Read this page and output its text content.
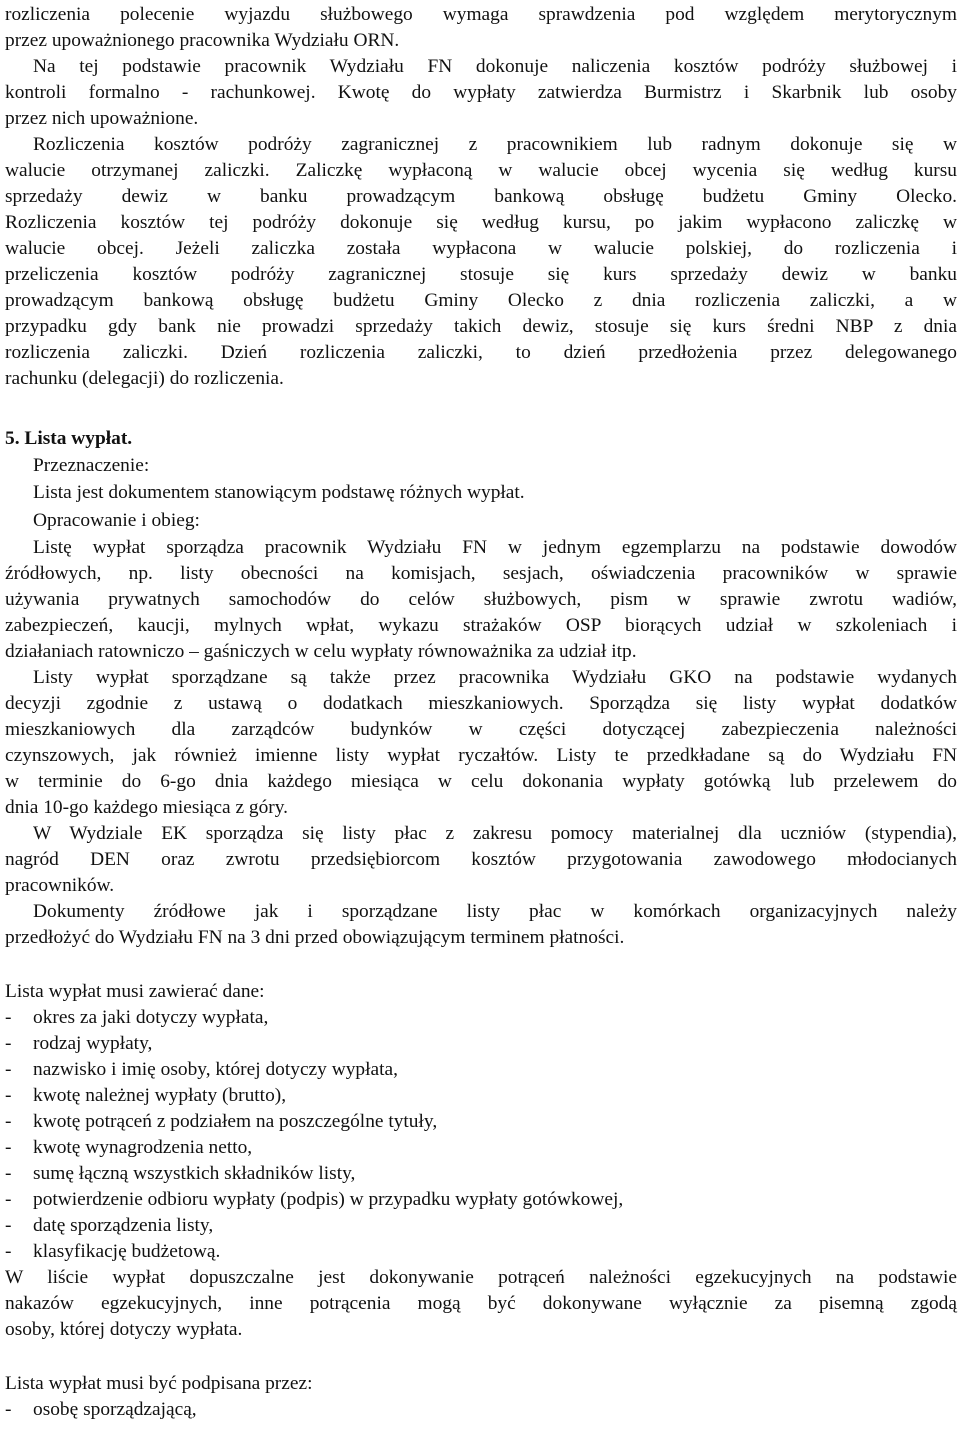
rozliczenia polecenie wyjazdu służbowego wymaga sprawdzenia pod względem merytorycznym
przez upoważnionego pracownika Wydziału ORN.
Na tej podstawie pracownik Wydziału FN dokonuje naliczenia kosztów podróży służbowej i
kontroli formalno - rachunkowej. Kwotę do wypłaty zatwierdza Burmistrz i Skarbnik lub osoby
przez nich upoważnione.
Rozliczenia kosztów podróży zagranicznej z pracownikiem lub radnym dokonuje się w
walucie otrzymanej zaliczki. Zaliczkę wypłaconą w walucie obcej wycenia się według kursu
sprzedaży dewiz w banku prowadzącym bankową obsługę budżetu Gminy Olecko.
Rozliczenia kosztów tej podróży dokonuje się według kursu, po jakim wypłacono zaliczkę w
walucie obcej. Jeżeli zaliczka została wypłacona w walucie polskiej, do rozliczenia i
przeliczenia kosztów podróży zagranicznej stosuje się kurs sprzedaży dewiz w banku
prowadzącym bankową obsługę budżetu Gminy Olecko z dnia rozliczenia zaliczki, a w
przypadku gdy bank nie prowadzi sprzedaży takich dewiz, stosuje się kurs średni NBP z dnia
rozliczenia zaliczki. Dzień rozliczenia zaliczki, to dzień przedłożenia przez delegowanego
rachunku (delegacji) do rozliczenia.
5. Lista wypłat.
Przeznaczenie:
Lista jest dokumentem stanowiącym podstawę różnych wypłat.
Opracowanie i obieg:
Listę wypłat sporządza pracownik Wydziału FN w jednym egzemplarzu na podstawie dowodów
źródłowych, np. listy obecności na komisjach, sesjach, oświadczenia pracowników w sprawie
używania prywatnych samochodów do celów służbowych, pism w sprawie zwrotu wadiów,
zabezpieczeń, kaucji, mylnych wpłat, wykazu strażaków OSP biorących udział w szkoleniach i
działaniach ratowniczo – gaśniczych w celu wypłaty równoważnika za udział itp.
Listy wypłat sporządzane są także przez pracownika Wydziału GKO na podstawie wydanych
decyzji zgodnie z ustawą o dodatkach mieszkaniowych. Sporządza się listy wypłat dodatków
mieszkaniowych dla zarządców budynków w części dotyczącej zabezpieczenia należności
czynszowych, jak również imienne listy wypłat ryczałtów. Listy te przedkładane są do Wydziału FN
w terminie do 6-go dnia każdego miesiąca w celu dokonania wypłaty gotówką lub przelewem do
dnia 10-go każdego miesiąca z góry.
W Wydziale EK sporządza się listy płac z zakresu pomocy materialnej dla uczniów (stypendia),
nagród DEN oraz zwrotu przedsiębiorcom kosztów przygotowania zawodowego młodocianych
pracowników.
Dokumenty źródłowe jak i sporządzane listy płac w komórkach organizacyjnych należy
przedłożyć do Wydziału FN na 3 dni przed obowiązującym terminem płatności.
Lista wypłat musi zawierać dane:
- okres za jaki dotyczy wypłata,
- rodzaj wypłaty,
- nazwisko i imię osoby, której dotyczy wypłata,
- kwotę należnej wypłaty (brutto),
- kwotę potrąceń z podziałem na poszczególne tytuły,
- kwotę wynagrodzenia netto,
- sumę łączną wszystkich składników listy,
- potwierdzenie odbioru wypłaty (podpis) w przypadku wypłaty gotówkowej,
- datę sporządzenia listy,
- klasyfikację budżetową.
W liście wypłat dopuszczalne jest dokonywanie potrąceń należności egzekucyjnych na podstawie
nakazów egzekucyjnych, inne potrącenia mogą być dokonywane wyłącznie za pisemną zgodą
osoby, której dotyczy wypłata.
Lista wypłat musi być podpisana przez:
- osobę sporządzającą,
